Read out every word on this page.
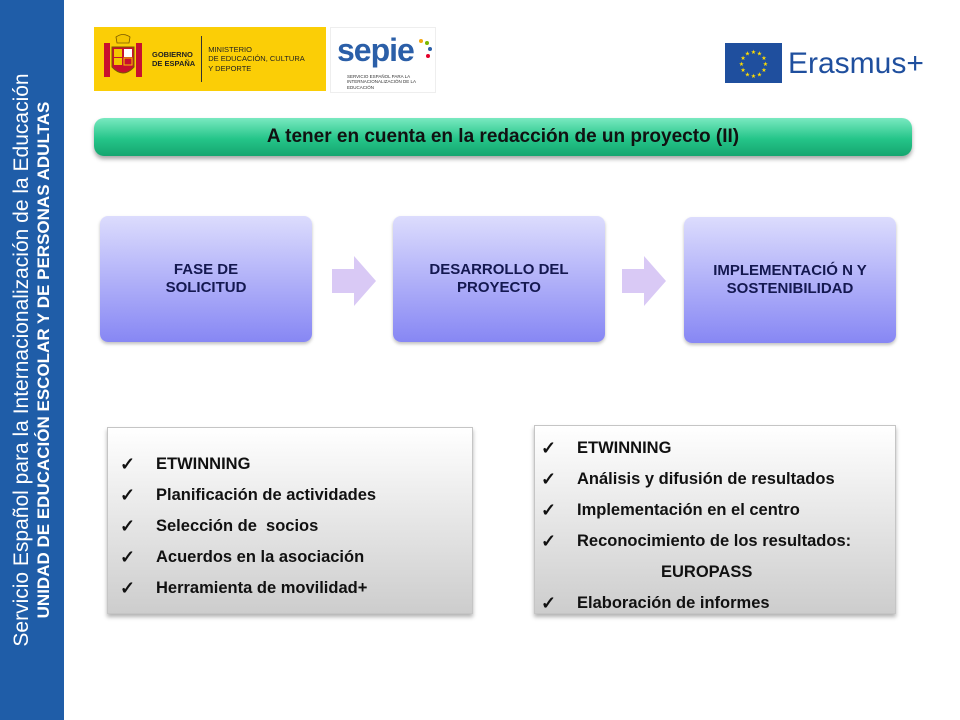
Servicio Español para la Internacionalización de la Educación UNIDAD DE EDUCACIÓN ESCOLAR Y DE PERSONAS ADULTAS
GOBIERNO
DE ESPAÑA
MINISTERIO
DE EDUCACIÓN, CULTURA
Y DEPORTE
sepie
SERVICIO ESPAÑOL PARA LA INTERNACIONALIZACIÓN DE LA EDUCACIÓN
★
★
★
★
★
★
★
★
★ ★ ★
★ Erasmus+
A tener en cuenta en la redacción de un proyecto (II)
FASE DE SOLICITUD
DESARROLLO DEL PROYECTO
IMPLEMENTACIÓ N Y SOSTENIBILIDAD
✓	ETWINNING
✓	Planificación de actividades
✓	Selección de  socios
✓	Acuerdos en la asociación
✓	Herramienta de movilidad+
✓	ETWINNING
✓	Análisis y difusión de resultados
✓	Implementación en el centro
✓	Reconocimiento de los resultados:
EUROPASS
✓	Elaboración de informes
